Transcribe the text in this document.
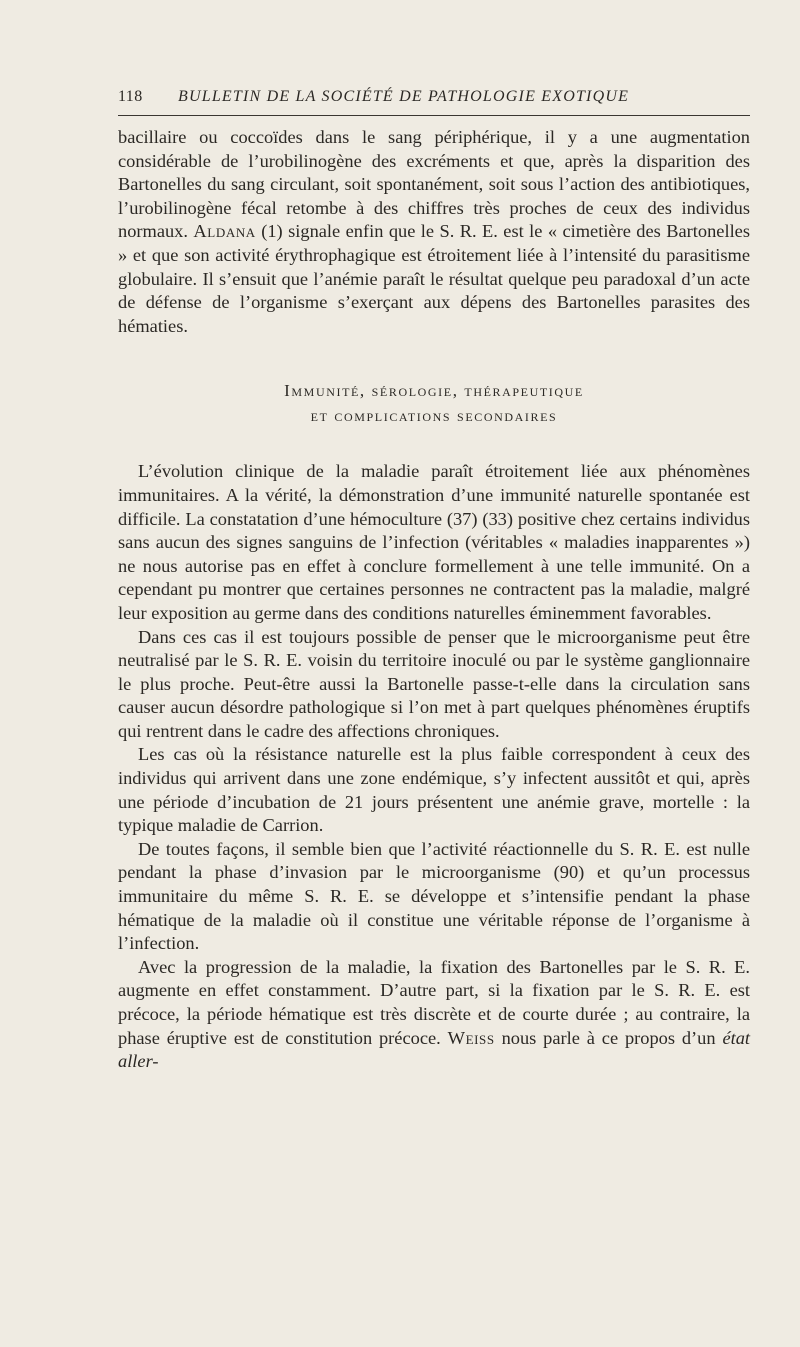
118 BULLETIN DE LA SOCIÉTÉ DE PATHOLOGIE EXOTIQUE

bacillaire ou coccoïdes dans le sang périphérique, il y a une augmentation considérable de l’urobilinogène des excréments et que, après la disparition des Bartonelles du sang circulant, soit spontanément, soit sous l’action des antibiotiques, l’urobilinogène fécal retombe à des chiffres très proches de ceux des individus normaux. Aldana (1) signale enfin que le S. R. E. est le « cimetière des Bartonelles » et que son activité érythrophagique est étroitement liée à l’intensité du parasitisme globulaire. Il s’ensuit que l’anémie paraît le résultat quelque peu paradoxal d’un acte de défense de l’organisme s’exerçant aux dépens des Bartonelles parasites des hématies.

Immunité, sérologie, thérapeutique
et complications secondaires

L’évolution clinique de la maladie paraît étroitement liée aux phénomènes immunitaires. A la vérité, la démonstration d’une immunité naturelle spontanée est difficile. La constatation d’une hémoculture (37) (33) positive chez certains individus sans aucun des signes sanguins de l’infection (véritables « maladies inapparentes ») ne nous autorise pas en effet à conclure formellement à une telle immunité. On a cependant pu montrer que certaines personnes ne contractent pas la maladie, malgré leur exposition au germe dans des conditions naturelles éminemment favorables.

Dans ces cas il est toujours possible de penser que le microorganisme peut être neutralisé par le S. R. E. voisin du territoire inoculé ou par le système ganglionnaire le plus proche. Peut-être aussi la Bartonelle passe-t-elle dans la circulation sans causer aucun désordre pathologique si l’on met à part quelques phénomènes éruptifs qui rentrent dans le cadre des affections chroniques.

Les cas où la résistance naturelle est la plus faible correspondent à ceux des individus qui arrivent dans une zone endémique, s’y infectent aussitôt et qui, après une période d’incubation de 21 jours présentent une anémie grave, mortelle : la typique maladie de Carrion.

De toutes façons, il semble bien que l’activité réactionnelle du S. R. E. est nulle pendant la phase d’invasion par le microorganisme (90) et qu’un processus immunitaire du même S. R. E. se développe et s’intensifie pendant la phase hématique de la maladie où il constitue une véritable réponse de l’organisme à l’infection.

Avec la progression de la maladie, la fixation des Bartonelles par le S. R. E. augmente en effet constamment. D’autre part, si la fixation par le S. R. E. est précoce, la période hématique est très discrète et de courte durée ; au contraire, la phase éruptive est de constitution précoce. Weiss nous parle à ce propos d’un état aller-
